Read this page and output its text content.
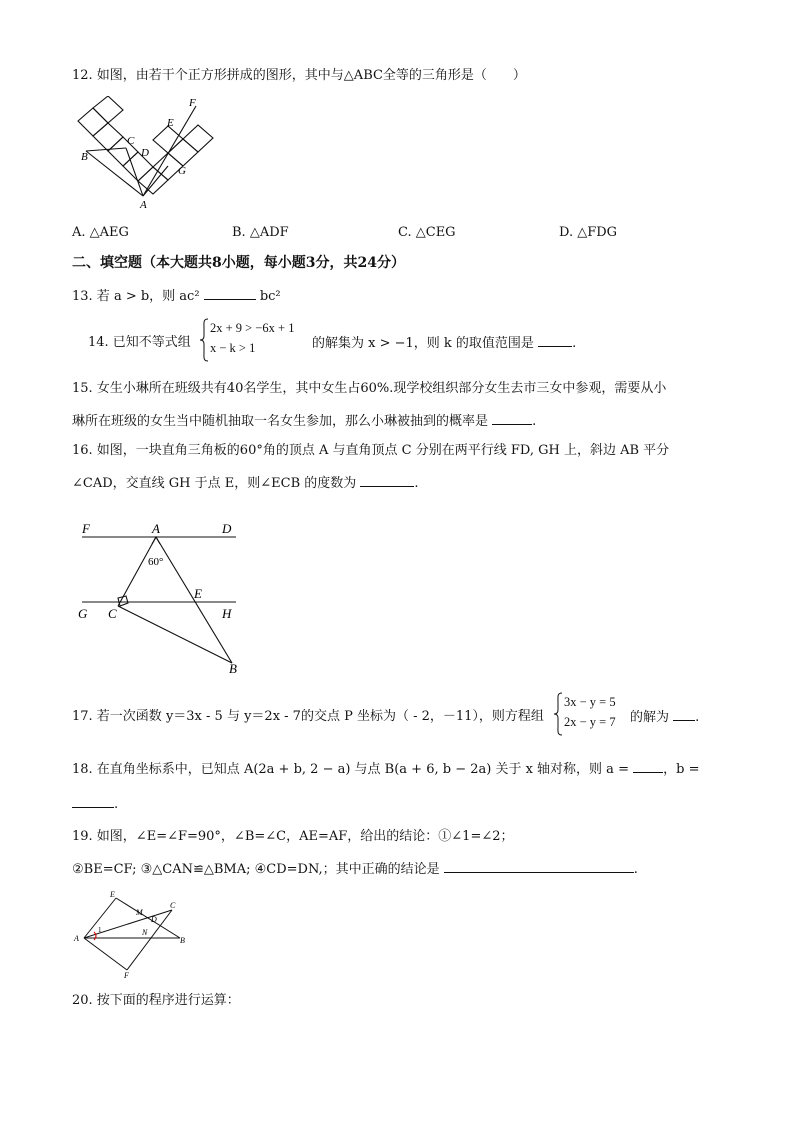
12. 如图，由若干个正方形拼成的图形，其中与△ABC全等的三角形是（　　）
F
E
C
D
B
G
A
A. △AEG	B. △ADF	C. △CEG	D. △FDG
二、填空题（本大题共8小题，每小题3分，共24分）
13. 若 a > b，则 ac²	bc²
14. 已知不等式组
2x + 9 > −6x + 1
x − k > 1	的解集为 x > −1，则 k 的取值范围是	.
15. 女生小琳所在班级共有40名学生，其中女生占60%.现学校组织部分女生去市三女中参观，需要从小
琳所在班级的女生当中随机抽取一名女生参加，那么小琳被抽到的概率是	.
16. 如图，一块直角三角板的60°角的顶点 A 与直角顶点 C 分别在两平行线 FD, GH 上，斜边 AB 平分
∠CAD，交直线 GH 于点 E，则∠ECB 的度数为	.
F	A	D
60°
E
G C	H
B
17. 若一次函数 y＝3x - 5 与 y＝2x - 7的交点 P 坐标为（ - 2，－11），则方程组
3x − y = 5
2x − y = 7 的解为 .
18. 在直角坐标系中，已知点 A(2a + b, 2 − a) 与点 B(a + 6, b − 2a) 关于 x 轴对称，则 a =	，b =
.
19. 如图，∠E=∠F=90°，∠B=∠C，AE=AF，给出的结论：①∠1=∠2；
②BE=CF; ③△CAN≌△BMA; ④CD=DN,；其中正确的结论是	.
E
M
C
D
A
1	N
B
F
20. 按下面的程序进行运算：
